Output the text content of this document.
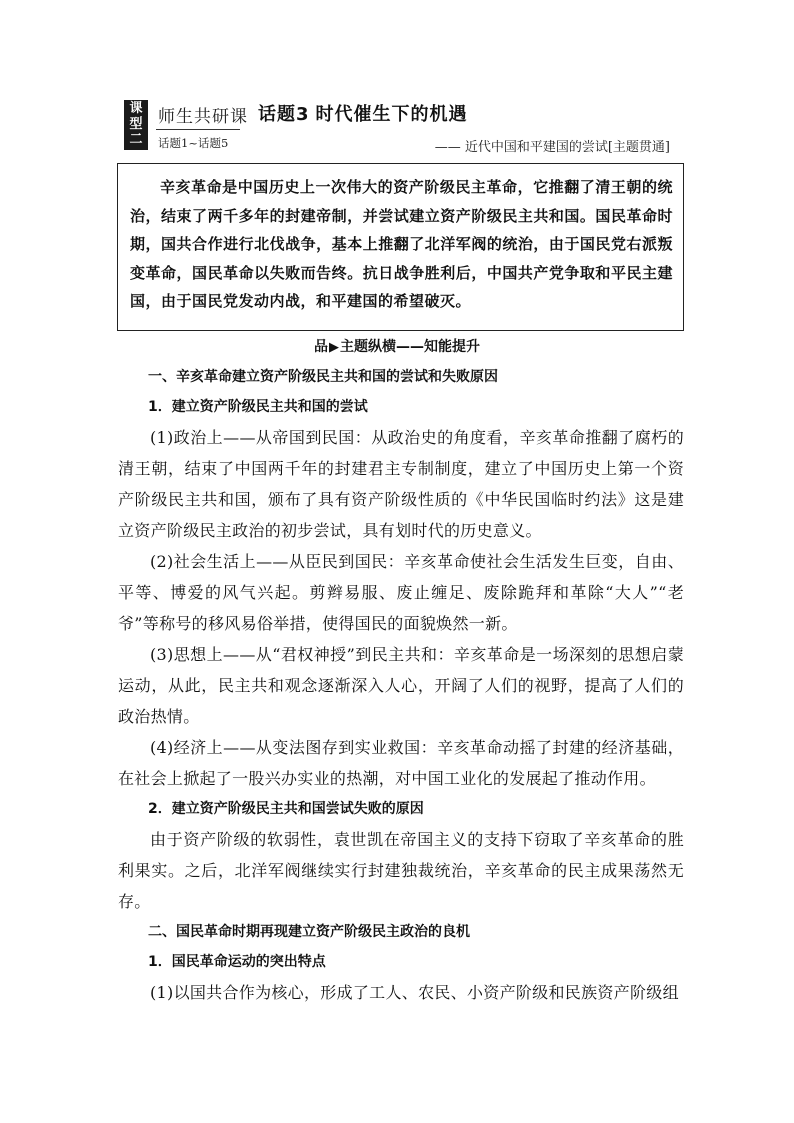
课
型
二
师生共研课
话题1~话题5
话题3 时代催生下的机遇
—— 近代中国和平建国的尝试[主题贯通]

辛亥革命是中国历史上一次伟大的资产阶级民主革命，它推翻了清王朝的统治，结束了两千多年的封建帝制，并尝试建立资产阶级民主共和国。国民革命时期，国共合作进行北伐战争，基本上推翻了北洋军阀的统治，由于国民党右派叛变革命，国民革命以失败而告终。抗日战争胜利后，中国共产党争取和平民主建国，由于国民党发动内战，和平建国的希望破灭。

品▶主题纵横——知能提升
一、辛亥革命建立资产阶级民主共和国的尝试和失败原因
1．建立资产阶级民主共和国的尝试

(1)政治上——从帝国到民国：从政治史的角度看，辛亥革命推翻了腐朽的清王朝，结束了中国两千年的封建君主专制制度，建立了中国历史上第一个资产阶级民主共和国，颁布了具有资产阶级性质的《中华民国临时约法》这是建立资产阶级民主政治的初步尝试，具有划时代的历史意义。

(2)社会生活上——从臣民到国民：辛亥革命使社会生活发生巨变，自由、平等、博爱的风气兴起。剪辫易服、废止缠足、废除跪拜和革除“大人”“老爷”等称号的移风易俗举措，使得国民的面貌焕然一新。

(3)思想上——从“君权神授”到民主共和：辛亥革命是一场深刻的思想启蒙运动，从此，民主共和观念逐渐深入人心，开阔了人们的视野，提高了人们的政治热情。

(4)经济上——从变法图存到实业救国：辛亥革命动摇了封建的经济基础，在社会上掀起了一股兴办实业的热潮，对中国工业化的发展起了推动作用。

2．建立资产阶级民主共和国尝试失败的原因

由于资产阶级的软弱性，袁世凯在帝国主义的支持下窃取了辛亥革命的胜利果实。之后，北洋军阀继续实行封建独裁统治，辛亥革命的民主成果荡然无存。

二、国民革命时期再现建立资产阶级民主政治的良机
1．国民革命运动的突出特点

(1)以国共合作为核心，形成了工人、农民、小资产阶级和民族资产阶级组
